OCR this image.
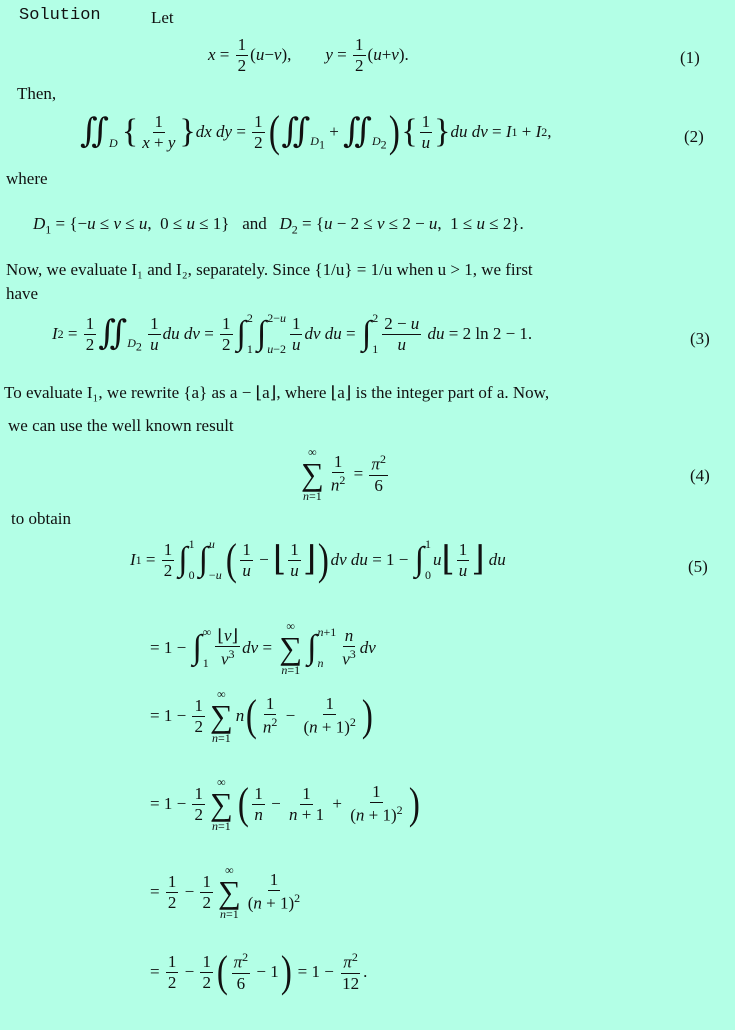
Solution	Let
$x = \frac{1}{2}$ ( u − v ), $y = \frac{1}{2}$ ( u + v ).	(1)
Then,
∬ $_D$
{ $\frac{1}{x + y}$ } dx dy = $\frac{1}{2}$ ( ∬ $_{D_1}$
+ ∬ $_{D_2}$ ) { $\frac{1}{u}$ } du dv = I 1 + I 2 ,	(2)
where
$D_1 = \{-u \le v \le u$,  0 ≤ u ≤ 1}   and $D_2 = \{u - 2 \le v \le 2 - u$,  1 ≤ u ≤ 2}.
Now, we evaluate I₁ and I₂, separately. Since {1/u} = 1/u when u > 1, we first
have
I $2 = \frac{1}{2}$ ∬ $_{D_2}$
$\frac{1}{u}$ du dv = $\frac{1}{2}$ ∫ 2
1 ∫ 2−u
$u-2 \frac{1}{u}$ dv du = ∫ 2
$1 \frac{2 - u}{u}$
du = 2 ln 2 − 1.	(3)
To evaluate I₁, we rewrite {a} as a − ⌊a⌋, where ⌊a⌋ is the integer part of a. Now,
we can use the well known result
∞
∑
n=1
$\frac{1}{n^2} = \frac{\pi^2}{6}$	(4)
to obtain
I $1 = \frac{1}{2}$ ∫ 1
0 ∫ u
−u ( $\frac{1}{u}$ − ⌊ $\frac{1}{u}$ ⌋ ) dv du = 1 − ∫ 1
0
u ⌊ $\frac{1}{u}$ ⌋
du	(5)
= 1 − ∫ ∞
$1 \frac{⌊v⌋}{v^3}$ dv =
∞
∑
n=1
∫ n+1
n $\frac{n}{v^3}$ dv
= $1 - \frac{1}{2}$
∞
∑
n=1
n ( $\frac{1}{n^2} - \frac{1}{(n + 1)^2}$ )
= $1 - \frac{1}{2}$
∞
∑
n=1 ( $\frac{1}{n} - \frac{1}{n + 1} + \frac{1}{(n + 1)^2}$ )
= $\frac{1}{2} - \frac{1}{2}$
∞
∑
n=1
$\frac{1}{(n + 1)^2}$
= $\frac{1}{2} - \frac{1}{2}$ ( $\frac{\pi^2}{6} - 1$ ) = $1 - \frac{\pi^2}{12}$ .
